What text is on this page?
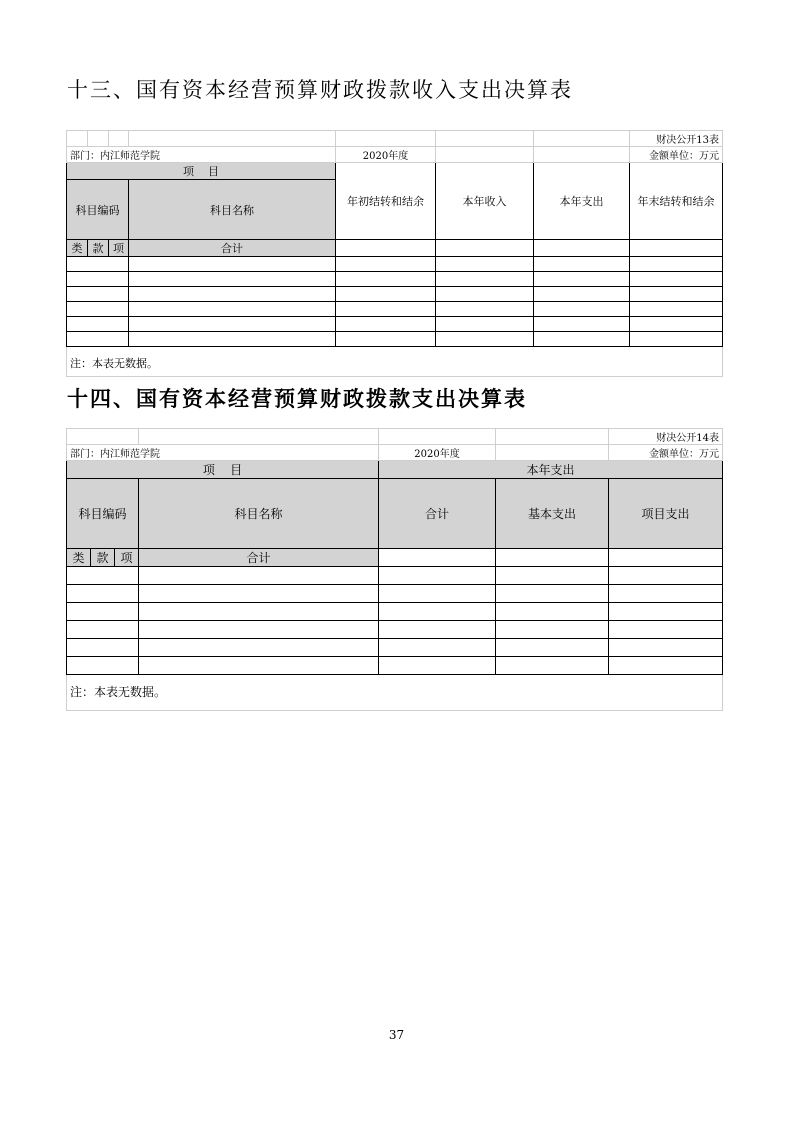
十三、国有资本经营预算财政拨款收入支出决算表
							财决公开13表
部门：内江师范学院				2020年度			金额单位：万元
项    目				年初结转和结余	本年收入	本年支出	年末结转和结余
科目编码			科目名称				
类	款	项	合计				

注：本表无数据。							
十四、国有资本经营预算财政拨款支出决算表
						财决公开14表
部门：内江师范学院				2020年度		金额单位：万元
项    目				本年支出		
科目编码			科目名称	合计	基本支出	项目支出
类	款	项	合计			

注：本表无数据。						
37
